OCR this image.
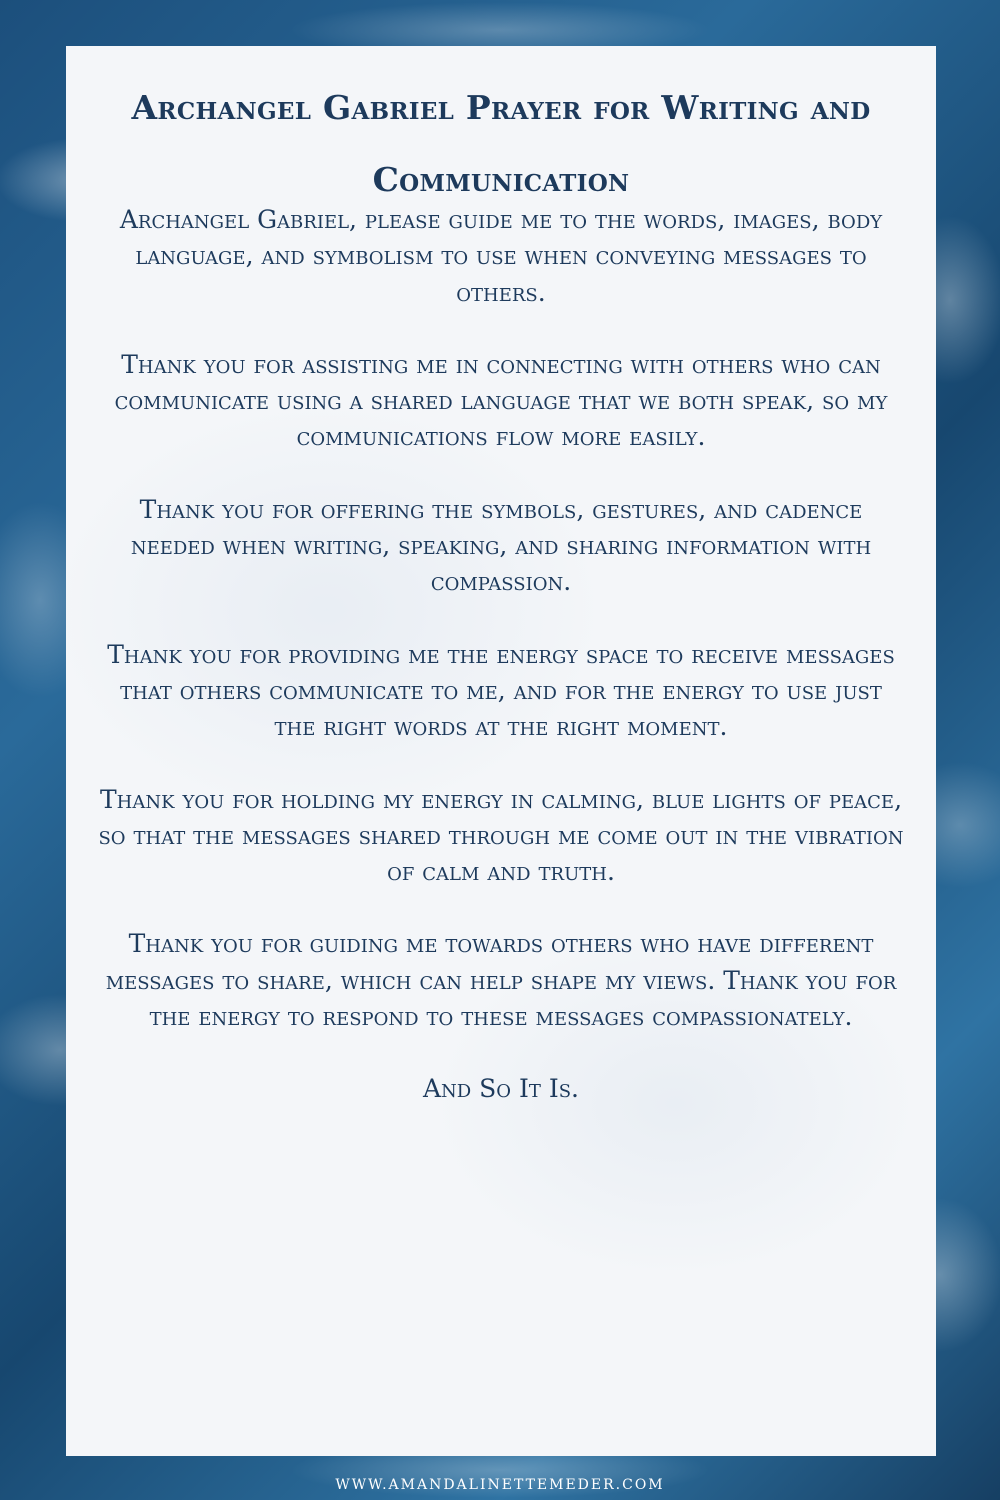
Archangel Gabriel Prayer for Writing and Communication

Archangel Gabriel, please guide me to the words, images, body language, and symbolism to use when conveying messages to others.

Thank you for assisting me in connecting with others who can communicate using a shared language that we both speak, so my communications flow more easily.

Thank you for offering the symbols, gestures, and cadence needed when writing, speaking, and sharing information with compassion.

Thank you for providing me the energy space to receive messages that others communicate to me, and for the energy to use just the right words at the right moment.

Thank you for holding my energy in calming, blue lights of peace, so that the messages shared through me come out in the vibration of calm and truth.

Thank you for guiding me towards others who have different messages to share, which can help shape my views. Thank you for the energy to respond to these messages compassionately.

And So It Is.

WWW.AMANDALINETTEMEDER.COM
